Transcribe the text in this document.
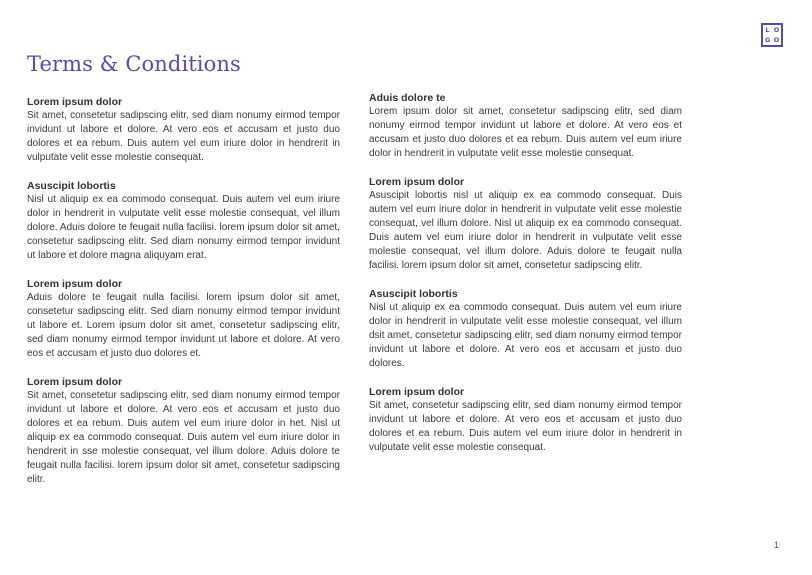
L O
G O
Terms & Conditions
Lorem ipsum dolor

Sit amet, consetetur sadipscing elitr, sed diam nonumy eirmod tempor invidunt ut labore et dolore. At vero eos et accusam et justo duo dolores et ea rebum. Duis autem vel eum iriure dolor in hendrerit in vulputate velit esse molestie consequat.

Asuscipit lobortis

Nisl ut aliquip ex ea commodo consequat. Duis autem vel eum iriure dolor in hendrerit in vulputate velit esse molestie consequat, vel illum dolore. Aduis dolore te feugait nulla facilisi. lorem ipsum dolor sit amet, consetetur sadipscing elitr. Sed diam nonumy eirmod tempor invidunt ut labore et dolore magna aliquyam erat.

Lorem ipsum dolor

Aduis dolore te feugait nulla facilisi. lorem ipsum dolor sit amet, consetetur sadipscing elitr. Sed diam nonumy eirmod tempor invidunt ut labore et. Lorem ipsum dolor sit amet, consetetur sadipscing elitr, sed diam nonumy eirmod tempor invidunt ut labore et dolore. At vero eos et accusam et justo duo dolores et.

Lorem ipsum dolor

Sit amet, consetetur sadipscing elitr, sed diam nonumy eirmod tempor invidunt ut labore et dolore. At vero eos et accusam et justo duo dolores et ea rebum. Duis autem vel eum iriure dolor in het. Nisl ut aliquip ex ea commodo consequat. Duis autem vel eum iriure dolor in hendrerit in sse molestie consequat, vel illum dolore. Aduis dolore te feugait nulla facilisi. lorem ipsum dolor sit amet, consetetur sadipscing elitr.

Aduis dolore te

Lorem ipsum dolor sit amet, consetetur sadipscing elitr, sed diam nonumy eirmod tempor invidunt ut labore et dolore. At vero eos et accusam et justo duo dolores et ea rebum. Duis autem vel eum iriure dolor in hendrerit in vulputate velit esse molestie consequat.

Lorem ipsum dolor

Asuscipit lobortis nisl ut aliquip ex ea commodo consequat. Duis autem vel eum iriure dolor in hendrerit in vulputate velit esse molestie consequat, vel illum dolore. Nisl ut aliquip ex ea commodo consequat. Duis autem vel eum iriure dolor in hendrerit in vulputate velit esse molestie consequat, vel illum dolore. Aduis dolore te feugait nulla facilisi. lorem ipsum dolor sit amet, consetetur sadipscing elitr.

Asuscipit lobortis

Nisl ut aliquip ex ea commodo consequat. Duis autem vel eum iriure dolor in hendrerit in vulputate velit esse molestie consequat, vel illum dsit amet, consetetur sadipscing elitr, sed diam nonumy eirmod tempor invidunt ut labore et dolore. At vero eos et accusam et justo duo dolores.

Lorem ipsum dolor

Sit amet, consetetur sadipscing elitr, sed diam nonumy eirmod tempor invidunt ut labore et dolore. At vero eos et accusam et justo duo dolores et ea rebum. Duis autem vel eum iriure dolor in hendrerit in vulputate velit esse molestie consequat.

1
